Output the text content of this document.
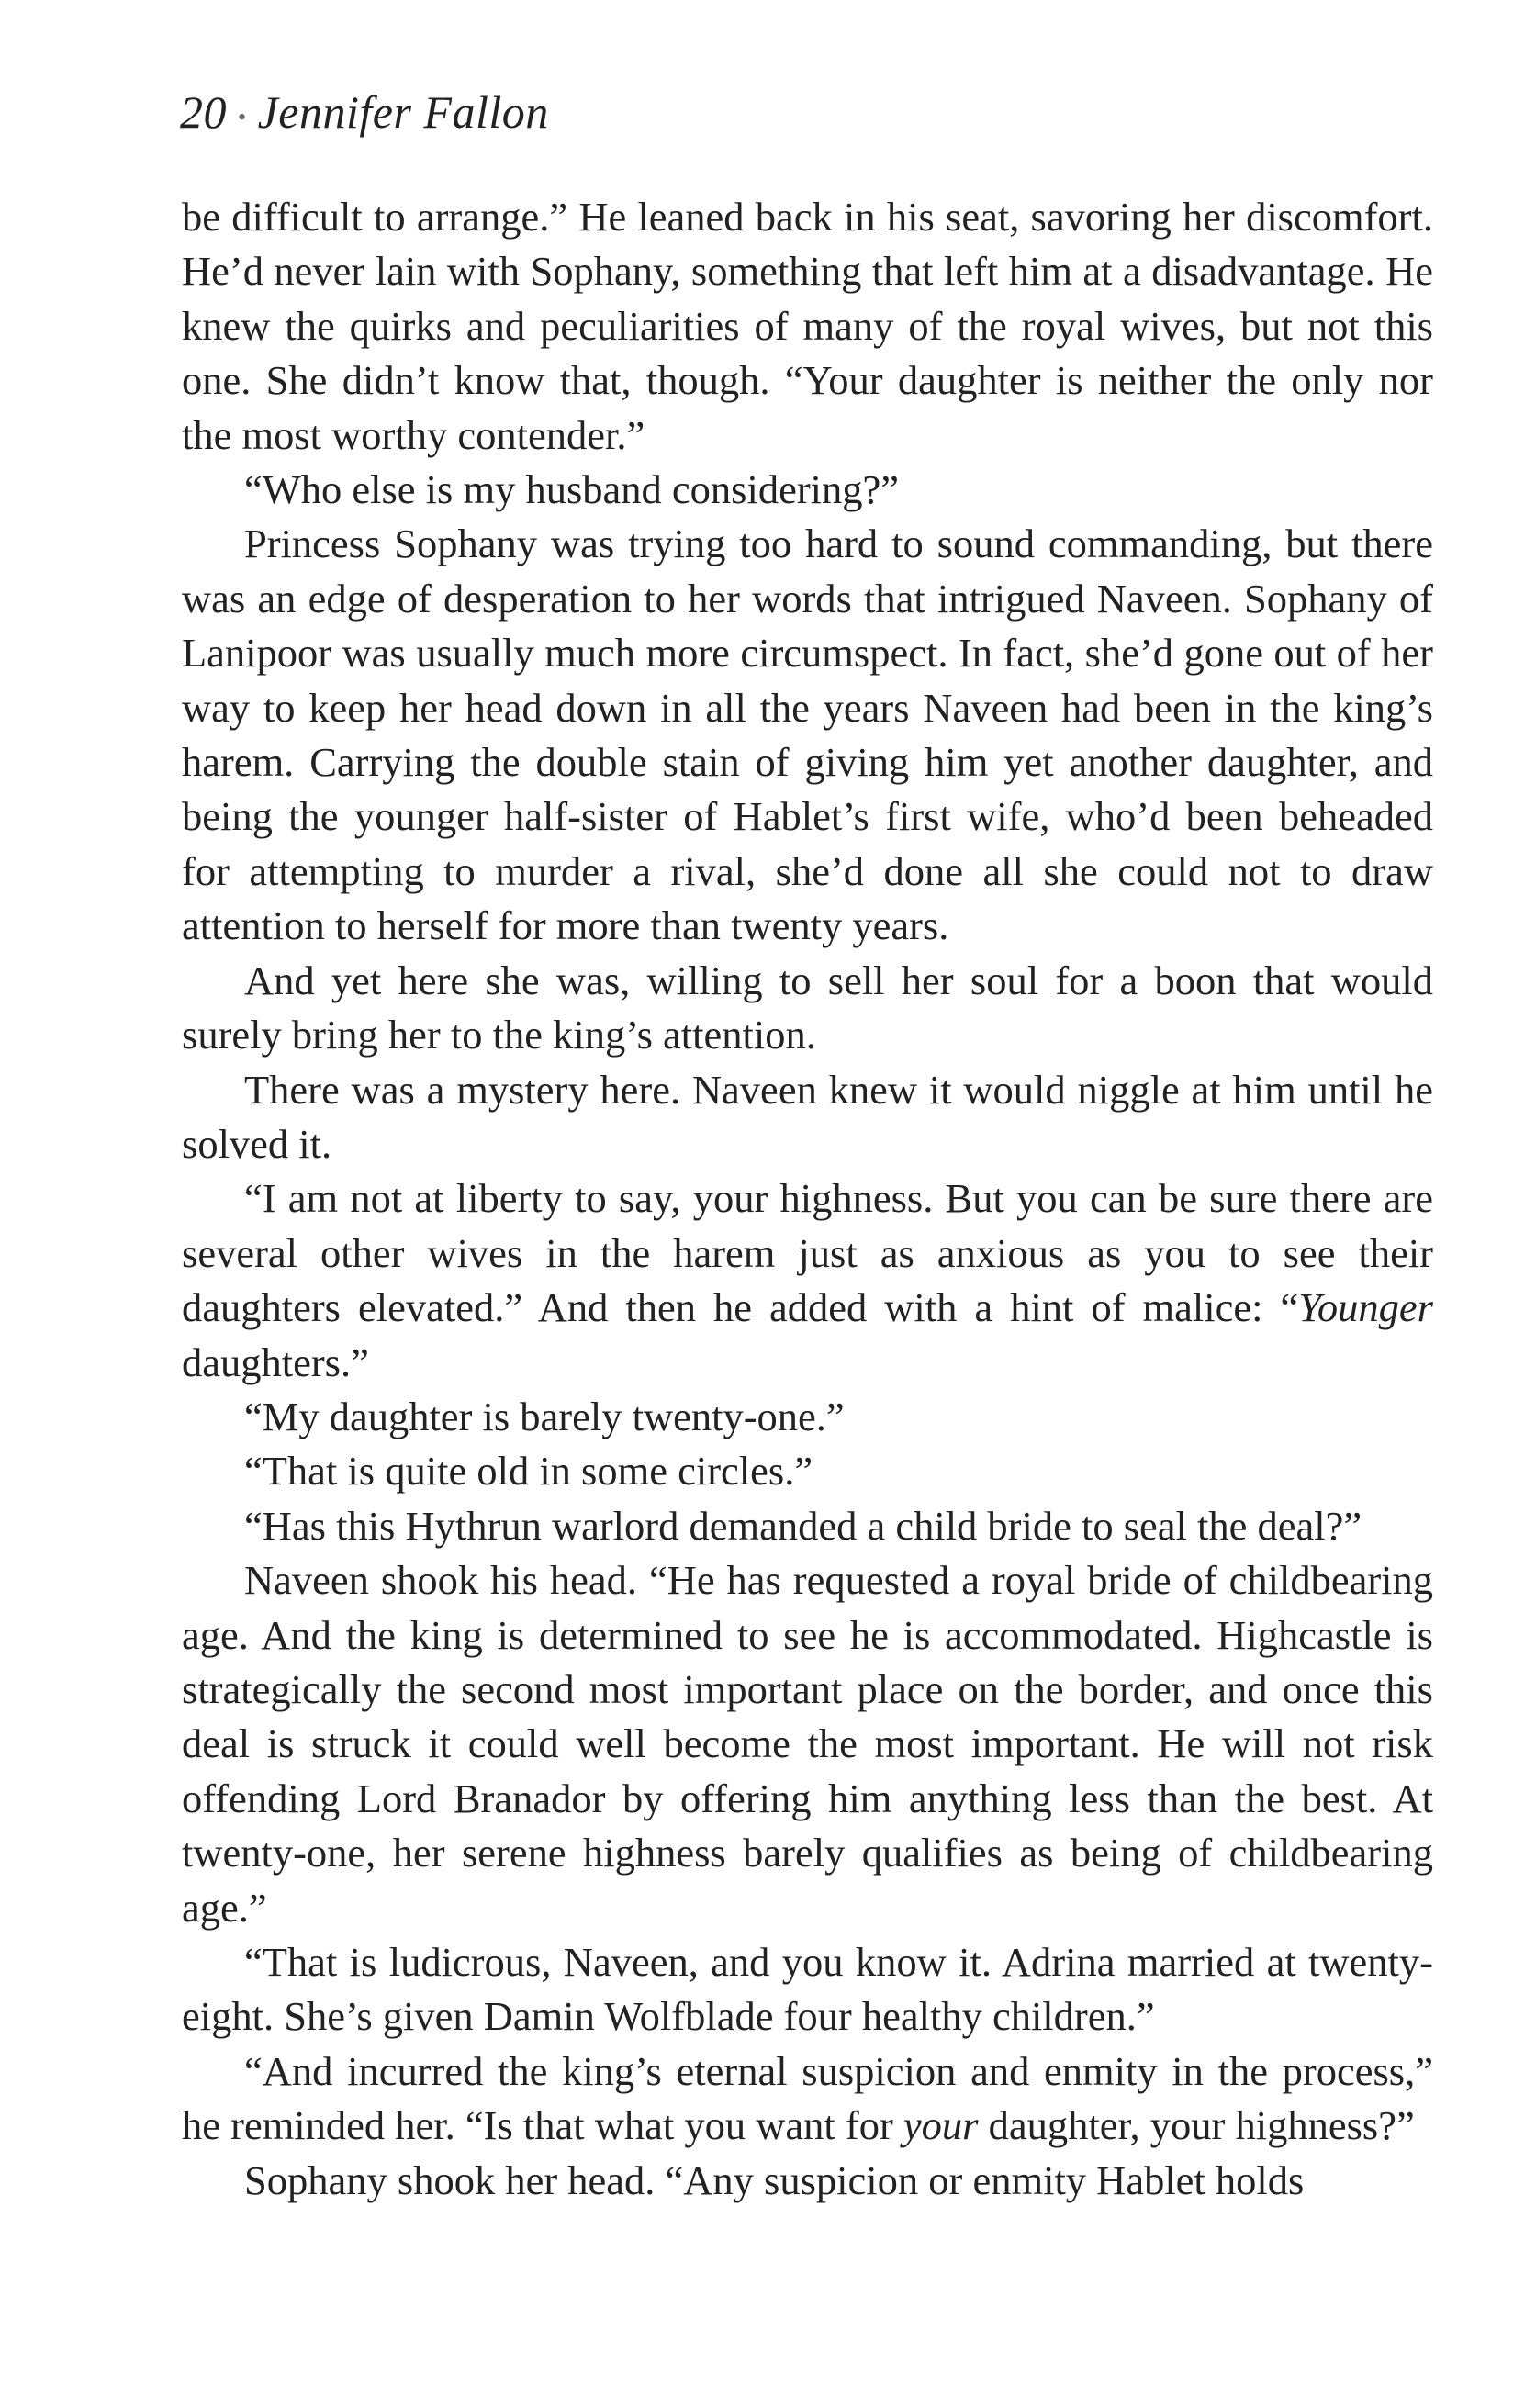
20 • Jennifer Fallon

be difficult to arrange.” He leaned back in his seat, savoring her discomfort. He’d never lain with Sophany, something that left him at a disadvantage. He knew the quirks and peculiarities of many of the royal wives, but not this one. She didn’t know that, though. “Your daughter is neither the only nor the most worthy contender.”

“Who else is my husband considering?”

Princess Sophany was trying too hard to sound commanding, but there was an edge of desperation to her words that intrigued Naveen. Sophany of Lanipoor was usually much more circumspect. In fact, she’d gone out of her way to keep her head down in all the years Naveen had been in the king’s harem. Carrying the double stain of giving him yet another daughter, and being the younger half-sister of Hablet’s first wife, who’d been beheaded for attempting to murder a rival, she’d done all she could not to draw attention to herself for more than twenty years.

And yet here she was, willing to sell her soul for a boon that would surely bring her to the king’s attention.

There was a mystery here. Naveen knew it would niggle at him until he solved it.

“I am not at liberty to say, your highness. But you can be sure there are several other wives in the harem just as anxious as you to see their daughters elevated.” And then he added with a hint of malice: “Younger daughters.”

“My daughter is barely twenty-one.”

“That is quite old in some circles.”

“Has this Hythrun warlord demanded a child bride to seal the deal?”

Naveen shook his head. “He has requested a royal bride of childbearing age. And the king is determined to see he is accommodated. Highcastle is strategically the second most important place on the border, and once this deal is struck it could well become the most important. He will not risk offending Lord Branador by offering him anything less than the best. At twenty-one, her serene highness barely qualifies as being of childbearing age.”

“That is ludicrous, Naveen, and you know it. Adrina married at twenty-eight. She’s given Damin Wolfblade four healthy children.”

“And incurred the king’s eternal suspicion and enmity in the process,” he reminded her. “Is that what you want for your daughter, your highness?”

Sophany shook her head. “Any suspicion or enmity Hablet holds
